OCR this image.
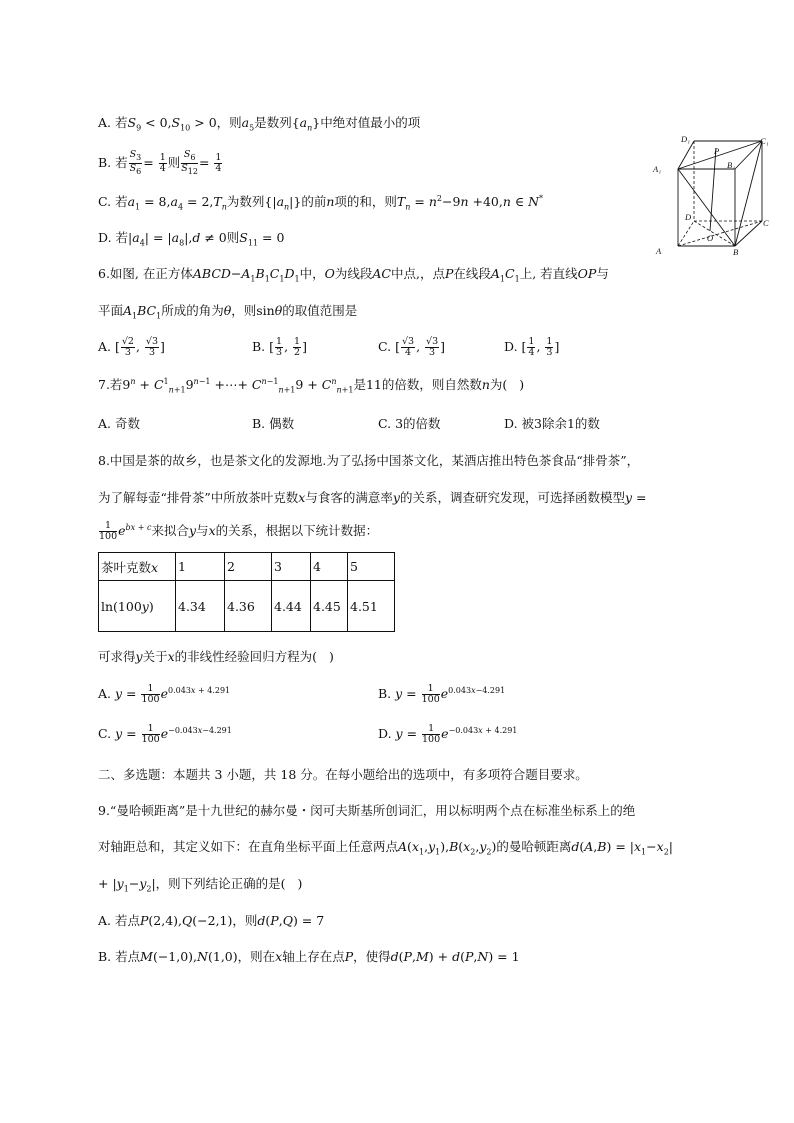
A. 若$S_9 < 0,S_{10} > 0$，则$a_5$是数列$\{a_n\}$中绝对值最小的项
B. 若 $\frac{S_3}{S_6} = \frac{1}{4}$ 则 $\frac{S_6}{S_{12}} = \frac{1}{4}$
C. 若$a_1 = 8,a_4 = 2,T_n$为数列$\{|a_n|\}$的前n项的和，则$T_n = n^2-9n +40,n$ ∈ N*
D. 若$|a_4| = |a_8|,d \ne 0$则$S_{11} = 0$
D₁
P
C₁
A₁	B₁
D
C
O
A	B
6.如图, 在正方体$ABCD-A_1B_1C_1D_1$中，O为线段AC中点,，点P在线段$A_1C_1$上, 若直线OP与
平面$A_1BC_1$所成的角为θ，则sinθ的取值范围是
A. [ $\frac{√2}{3}$ , $\frac{√3}{3}$ ]	B. [ $\frac{1}{3}$ , $\frac{1}{2}$ ]	C. [ $\frac{√3}{4}$ , $\frac{√3}{3}$ ]	D. [ $\frac{1}{4}$ , $\frac{1}{3}$ ]
7.若$9^n + C^1_{n+1}9^{n-1}$ +⋯+ $C^{n-1}_{n+1}9 + C^n_{n+1}$是11的倍数，则自然数n为(   )
A. 奇数	B. 偶数	C. 3的倍数	D. 被3除余1的数
8.中国是茶的故乡，也是茶文化的发源地.为了弘扬中国茶文化，某酒店推出特色茶食品“排骨茶”，
为了解每壶“排骨茶”中所放茶叶克数x与食客的满意率y的关系，调查研究发现，可选择函数模型y =
$\frac{1}{100} e^{bx + c}$来拟合y与x的关系，根据以下统计数据：
茶叶克数x	1	2	3	4	5
ln(100y)	4.34	4.36	4.44	4.45	4.51
可求得y关于x的非线性经验回归方程为(   )
A. $y = \frac{1}{100} e^{0.043x + 4.291}$	B. $y = \frac{1}{100} e^{0.043x-4.291}$
C. $y = \frac{1}{100} e^{-0.043x-4.291}$	D. $y = \frac{1}{100} e^{-0.043x + 4.291}$
二、多选题：本题共 3 小题，共 18 分。在每小题给出的选项中，有多项符合题目要求。
9.“曼哈顿距离”是十九世纪的赫尔曼・闵可夫斯基所创词汇，用以标明两个点在标准坐标系上的绝
对轴距总和，其定义如下：在直角坐标平面上任意两点$A(x_1,y_1),B(x_2,y_2)$的曼哈顿距离$d(A,B) = |x_1-x_2|$
+ $|y_1-y_2|$，则下列结论正确的是(   )
A. 若点P(2,4),Q(−2,1)，则d(P,Q) = 7
B. 若点M(−1,0),N(1,0)，则在x轴上存在点P，使得d(P,M) + d(P,N) = 1
